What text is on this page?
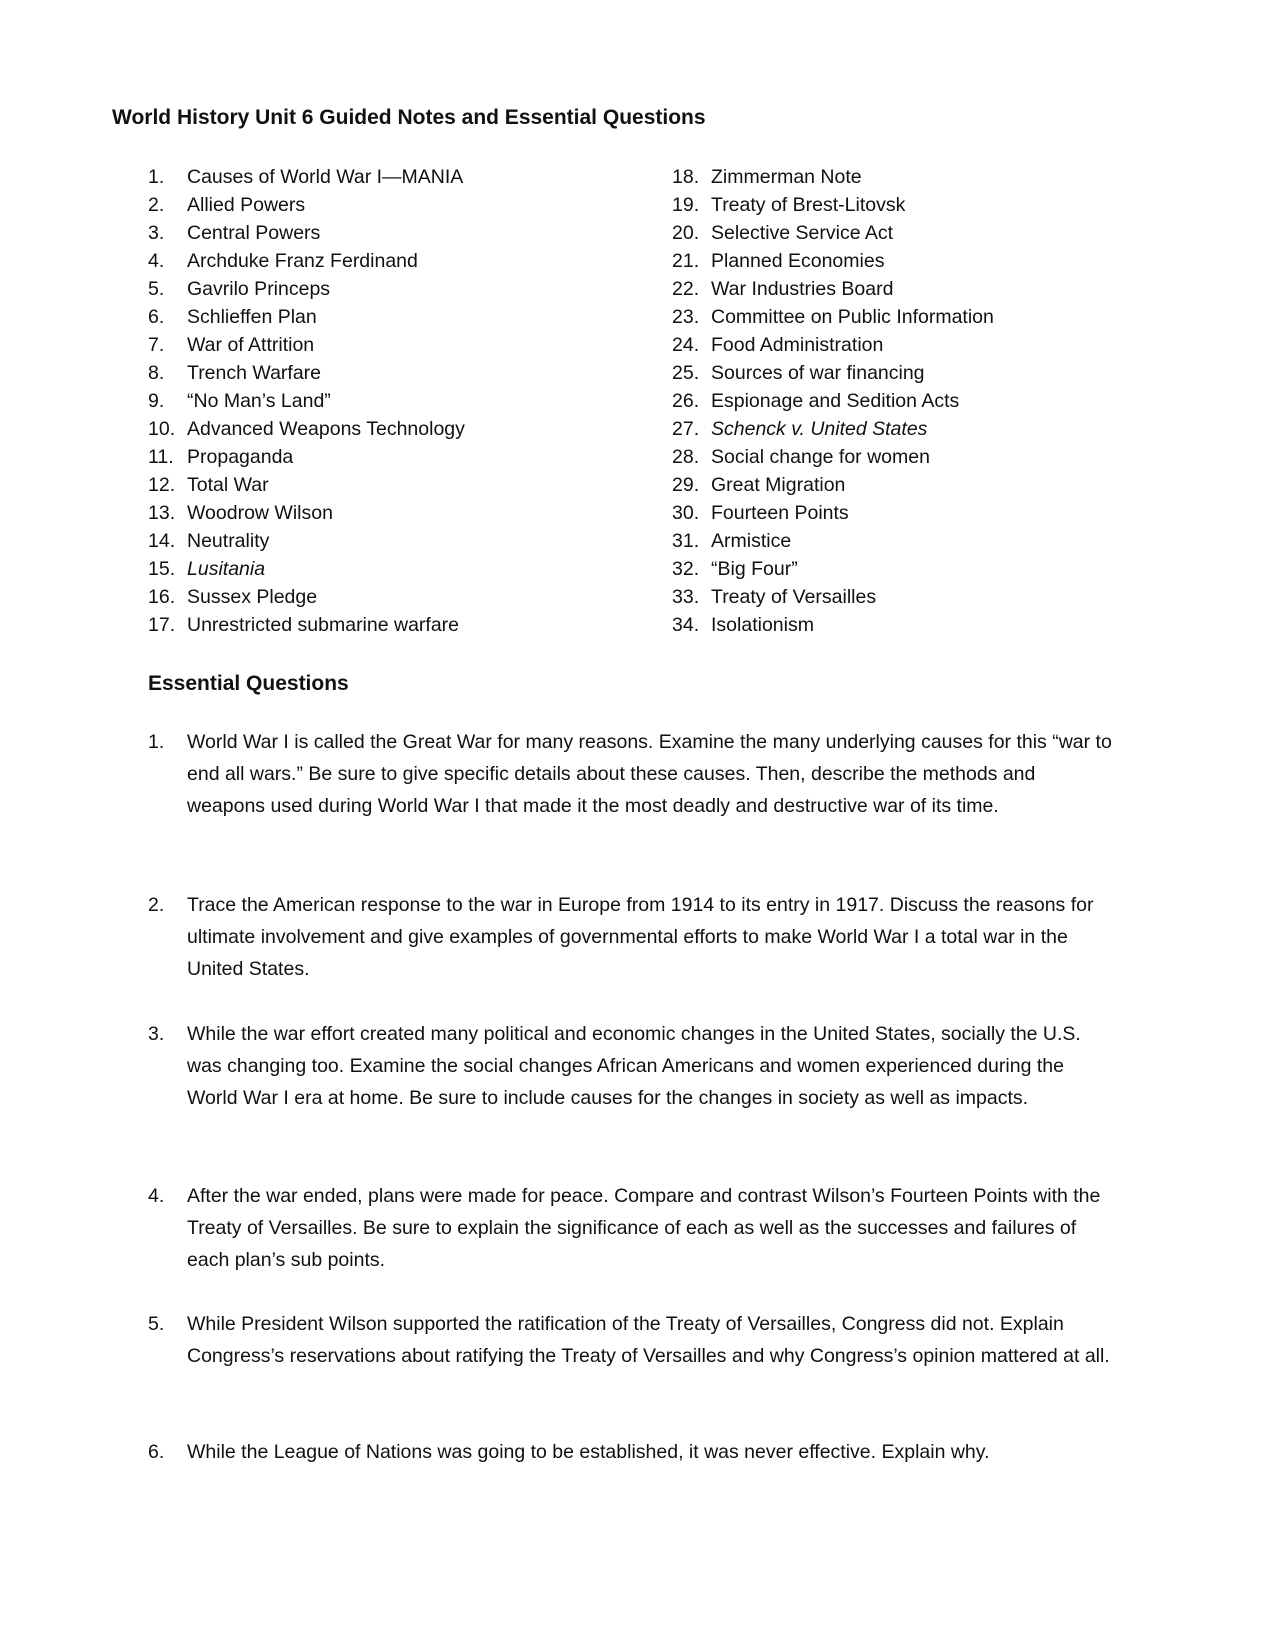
World History Unit 6 Guided Notes and Essential Questions
1. Causes of World War I—MANIA
2. Allied Powers
3. Central Powers
4. Archduke Franz Ferdinand
5. Gavrilo Princeps
6. Schlieffen Plan
7. War of Attrition
8. Trench Warfare
9. “No Man’s Land”
10. Advanced Weapons Technology
11. Propaganda
12. Total War
13. Woodrow Wilson
14. Neutrality
15. Lusitania
16. Sussex Pledge
17. Unrestricted submarine warfare
18. Zimmerman Note
19. Treaty of Brest-Litovsk
20. Selective Service Act
21. Planned Economies
22. War Industries Board
23. Committee on Public Information
24. Food Administration
25. Sources of war financing
26. Espionage and Sedition Acts
27. Schenck v. United States
28. Social change for women
29. Great Migration
30. Fourteen Points
31. Armistice
32. “Big Four”
33. Treaty of Versailles
34. Isolationism
Essential Questions
1. World War I is called the Great War for many reasons. Examine the many underlying causes for this “war to end all wars.” Be sure to give specific details about these causes. Then, describe the methods and weapons used during World War I that made it the most deadly and destructive war of its time.
2. Trace the American response to the war in Europe from 1914 to its entry in 1917. Discuss the reasons for ultimate involvement and give examples of governmental efforts to make World War I a total war in the United States.
3. While the war effort created many political and economic changes in the United States, socially the U.S. was changing too. Examine the social changes African Americans and women experienced during the World War I era at home. Be sure to include causes for the changes in society as well as impacts.
4. After the war ended, plans were made for peace. Compare and contrast Wilson’s Fourteen Points with the Treaty of Versailles. Be sure to explain the significance of each as well as the successes and failures of each plan’s sub points.
5. While President Wilson supported the ratification of the Treaty of Versailles, Congress did not. Explain Congress’s reservations about ratifying the Treaty of Versailles and why Congress’s opinion mattered at all.
6. While the League of Nations was going to be established, it was never effective. Explain why.
